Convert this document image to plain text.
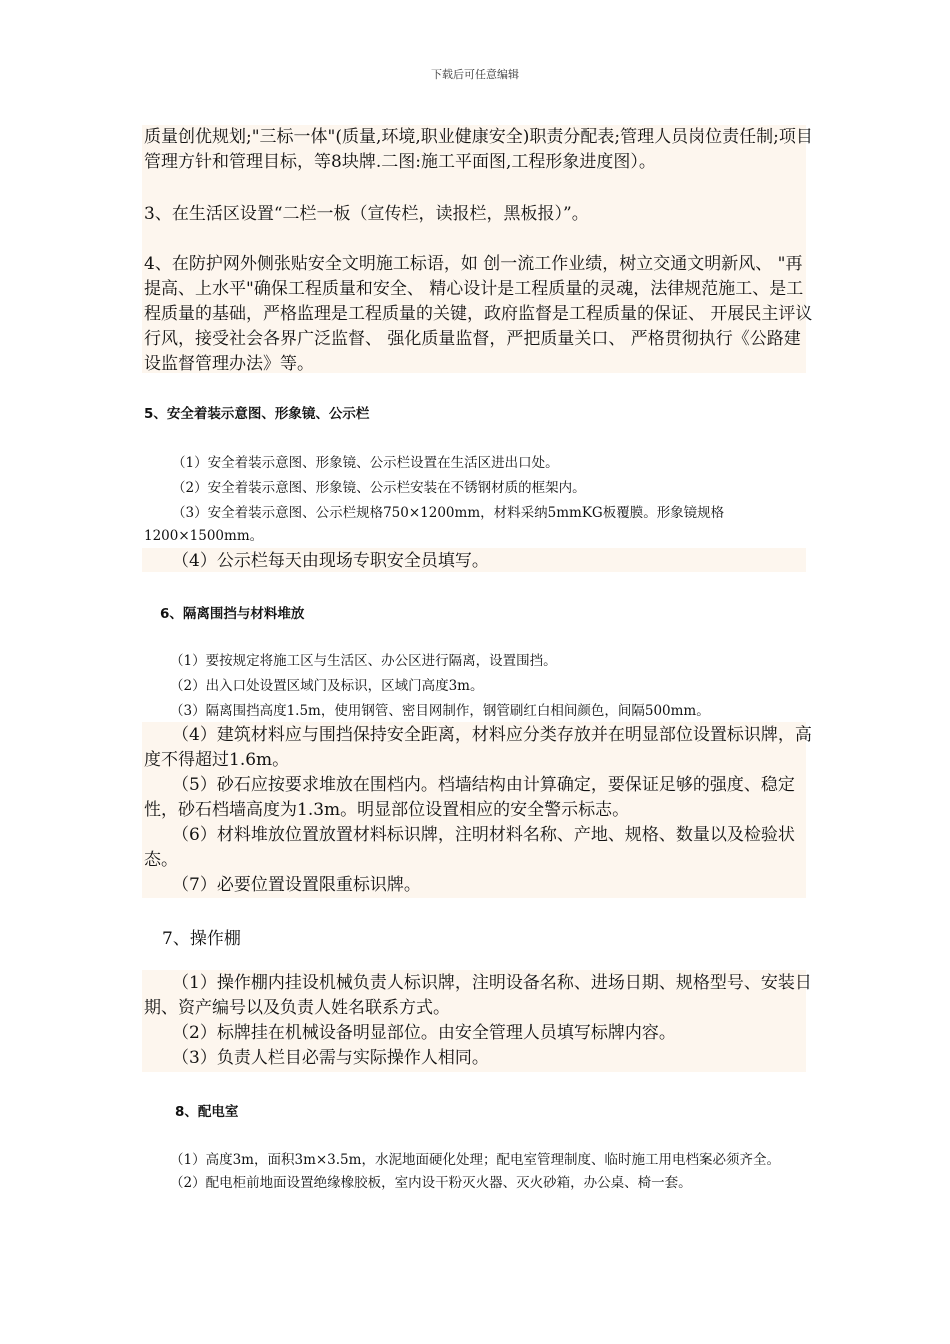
下载后可任意编辑

质量创优规划;"三标一体"(质量,环境,职业健康安全)职责分配表;管理人员岗位责任制;项目管理方针和管理目标，等8块牌.二图:施工平面图,工程形象进度图）。

3、在生活区设置“二栏一板（宣传栏，读报栏，黑板报）”。

4、在防护网外侧张贴安全文明施工标语，如 创一流工作业绩，树立交通文明新风、 "再提高、上水平"确保工程质量和安全、 精心设计是工程质量的灵魂，法律规范施工、是工程质量的基础，严格监理是工程质量的关键，政府监督是工程质量的保证、 开展民主评议行风，接受社会各界广泛监督、 强化质量监督，严把质量关口、 严格贯彻执行《公路建设监督管理办法》等。

5、安全着装示意图、形象镜、公示栏

（1）安全着装示意图、形象镜、公示栏设置在生活区进出口处。

（2）安全着装示意图、形象镜、公示栏安装在不锈钢材质的框架内。

（3）安全着装示意图、公示栏规格750×1200mm，材料采纳5mmKG板覆膜。形象镜规格1200×1500mm。

（4）公示栏每天由现场专职安全员填写。

6、隔离围挡与材料堆放

（1）要按规定将施工区与生活区、办公区进行隔离，设置围挡。

（2）出入口处设置区域门及标识，区域门高度3m。

（3）隔离围挡高度1.5m，使用钢管、密目网制作，钢管刷红白相间颜色，间隔500mm。

（4）建筑材料应与围挡保持安全距离，材料应分类存放并在明显部位设置标识牌，高度不得超过1.6m。

（5）砂石应按要求堆放在围档内。档墙结构由计算确定，要保证足够的强度、稳定性，砂石档墙高度为1.3m。明显部位设置相应的安全警示标志。

（6）材料堆放位置放置材料标识牌，注明材料名称、产地、规格、数量以及检验状态。

（7）必要位置设置限重标识牌。

7、操作棚

（1）操作棚内挂设机械负责人标识牌，注明设备名称、进场日期、规格型号、安装日期、资产编号以及负责人姓名联系方式。

（2）标牌挂在机械设备明显部位。由安全管理人员填写标牌内容。

（3）负责人栏目必需与实际操作人相同。

8、配电室

（1）高度3m，面积3m×3.5m，水泥地面硬化处理；配电室管理制度、临时施工用电档案必须齐全。

（2）配电柜前地面设置绝缘橡胶板，室内设干粉灭火器、灭火砂箱，办公桌、椅一套。
